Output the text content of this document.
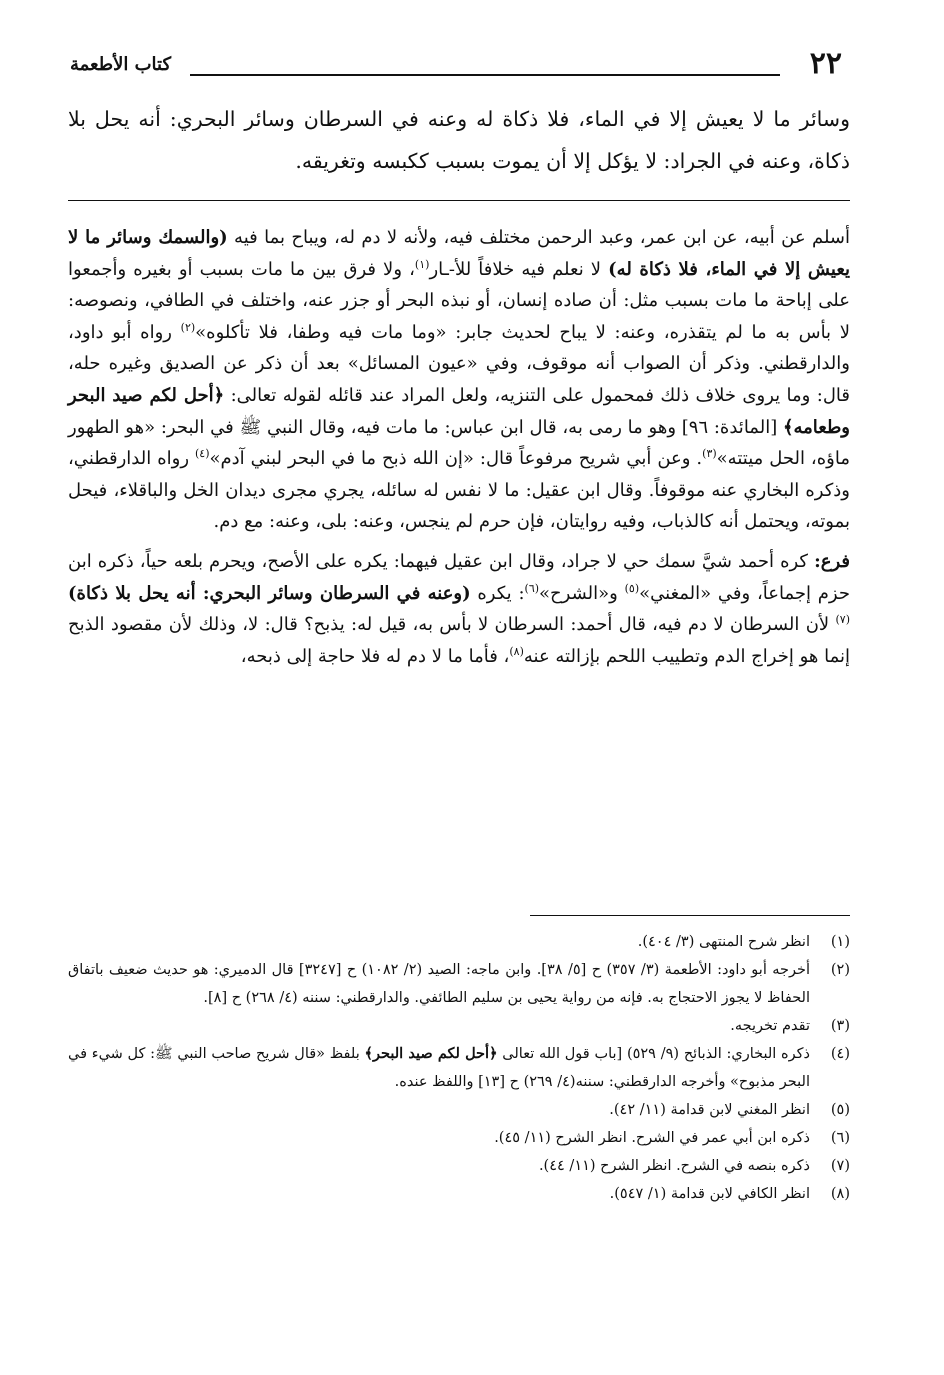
٢٢
كتاب الأطعمة

وسائر ما لا يعيش إلا في الماء، فلا ذكاة له وعنه في السرطان وسائر البحري: أنه يحل بلا ذكاة، وعنه في الجراد: لا يؤكل إلا أن يموت بسبب ككبسه وتغريقه.

أسلم عن أبيه، عن ابن عمر، وعبد الرحمن مختلف فيه، ولأنه لا دم له، ويباح بما فيه (والسمك وسائر ما لا يعيش إلا في الماء، فلا ذكاة له) لا نعلم فيه خلافاً للأ-ـار$^{(١)}$، ولا فرق بين ما مات بسبب أو بغيره وأجمعوا على إباحة ما مات بسبب مثل: أن صاده إنسان، أو نبذه البحر أو جزر عنه، واختلف في الطافي، ونصوصه: لا بأس به ما لم يتقذره، وعنه: لا يباح لحديث جابر: «وما مات فيه وطفا، فلا تأكلوه»$^{(٢)}$ رواه أبو داود، والدارقطني. وذكر أن الصواب أنه موقوف، وفي «عيون المسائل» بعد أن ذكر عن الصديق وغيره حله، قال: وما يروى خلاف ذلك فمحمول على التنزيه، ولعل المراد عند قائله لقوله تعالى: ﴿أحل لكم صيد البحر وطعامه﴾ [المائدة: ٩٦] وهو ما رمى به، قال ابن عباس: ما مات فيه، وقال النبي ﷺ في البحر: «هو الطهور ماؤه، الحل ميتته»$^{(٣)}$. وعن أبي شريح مرفوعاً قال: «إن الله ذبح ما في البحر لبني آدم»$^{(٤)}$ رواه الدارقطني، وذكره البخاري عنه موقوفاً. وقال ابن عقيل: ما لا نفس له سائله، يجري مجرى ديدان الخل والباقلاء، فيحل بموته، ويحتمل أنه كالذباب، وفيه روايتان، فإن حرم لم ينجس، وعنه: بلى، وعنه: مع دم.

فرع: كره أحمد شيَّ سمك حي لا جراد، وقال ابن عقيل فيهما: يكره على الأصح، ويحرم بلعه حياً، ذكره ابن حزم إجماعاً، وفي «المغني»$^{(٥)}$ و«الشرح»$^{(٦)}$: يكره (وعنه في السرطان وسائر البحري: أنه يحل بلا ذكاة)$^{(٧)}$ لأن السرطان لا دم فيه، قال أحمد: السرطان لا بأس به، قيل له: يذبح؟ قال: لا، وذلك لأن مقصود الذبح إنما هو إخراج الدم وتطييب اللحم بإزالته عنه$^{(٨)}$، فأما ما لا دم له فلا حاجة إلى ذبحه،

(١)
انظر شرح المنتهى (٣/ ٤٠٤).
(٢)
أخرجه أبو داود: الأطعمة (٣/ ٣٥٧) ح [٥/ ٣٨]. وابن ماجه: الصيد (٢/ ١٠٨٢) ح [٣٢٤٧] قال الدميري: هو حديث ضعيف باتفاق الحفاظ لا يجوز الاحتجاج به. فإنه من رواية يحيى بن سليم الطائفي. والدارقطني: سننه (٤/ ٢٦٨) ح [٨].
(٣)
تقدم تخريجه.
(٤)
ذكره البخاري: الذبائح (٩/ ٥٢٩) [باب قول الله تعالى ﴿أحل لكم صيد البحر﴾ بلفظ «قال شريح صاحب النبي ﷺ: كل شيء في البحر مذبوح» وأخرجه الدارقطني: سننه(٤/ ٢٦٩) ح [١٣] واللفظ عنده.
(٥)
انظر المغني لابن قدامة (١١/ ٤٢).
(٦)
ذكره ابن أبي عمر في الشرح. انظر الشرح (١١/ ٤٥).
(٧)
ذكره بنصه في الشرح. انظر الشرح (١١/ ٤٤).
(٨)
انظر الكافي لابن قدامة (١/ ٥٤٧).
